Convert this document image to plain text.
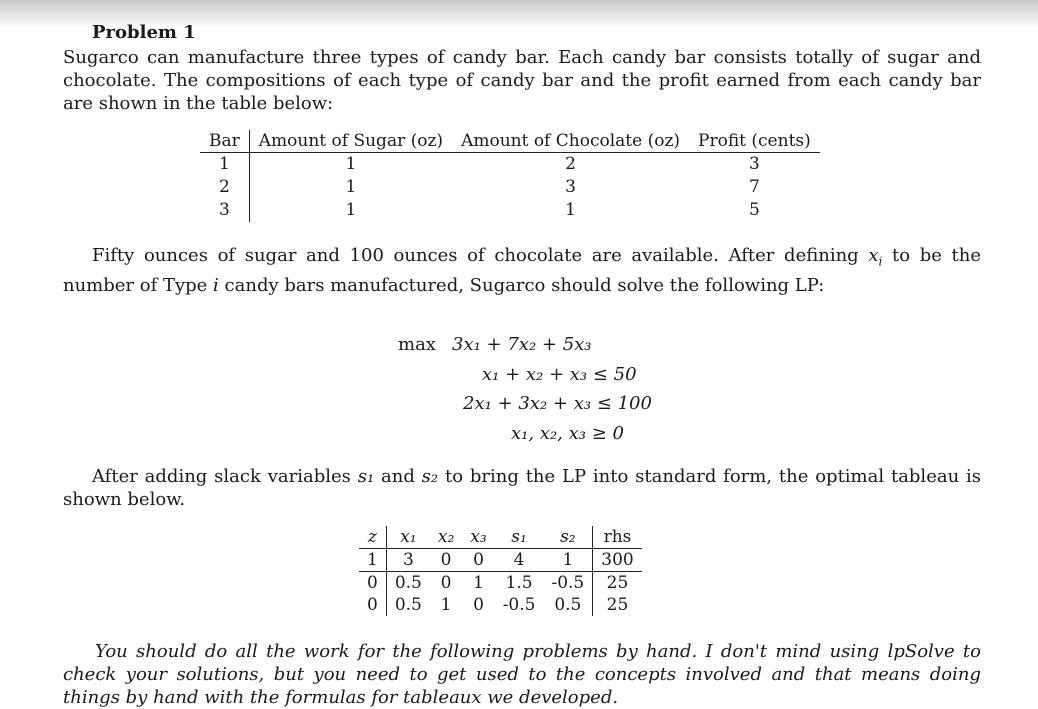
Problem 1
Sugarco can manufacture three types of candy bar. Each candy bar consists totally of sugar and chocolate. The compositions of each type of candy bar and the profit earned from each candy bar are shown in the table below:
Bar	Amount of Sugar (oz)	Amount of Chocolate (oz)	Profit (cents)
1	1	2	3
2	1	3	7
3	1	1	5
Fifty ounces of sugar and 100 ounces of chocolate are available. After defining $x_i$ to be the number of Type i candy bars manufactured, Sugarco should solve the following LP:
max 3x₁ + 7x₂ + 5x₃
x₁ + x₂ + x₃ ≤ 50
2x₁ + 3x₂ + x₃ ≤ 100
x₁, x₂, x₃ ≥ 0
After adding slack variables s₁ and s₂ to bring the LP into standard form, the optimal tableau is shown below.
z	x₁	x₂	x₃	s₁	s₂	rhs
1	3	0	0	4	1	300
0	0.5	0	1	1.5	-0.5	25
0	0.5	1	0	-0.5	0.5	25
You should do all the work for the following problems by hand. I don't mind using lpSolve to check your solutions, but you need to get used to the concepts involved and that means doing things by hand with the formulas for tableaux we developed.
